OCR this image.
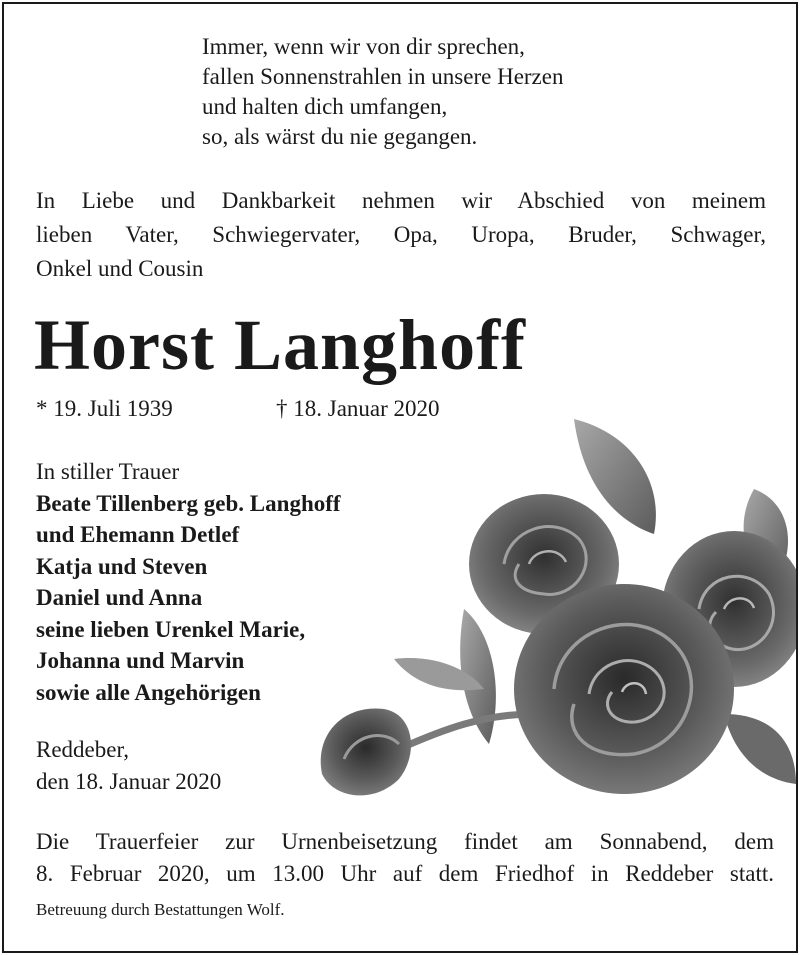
Immer, wenn wir von dir sprechen,
fallen Sonnenstrahlen in unsere Herzen
und halten dich umfangen,
so, als wärst du nie gegangen.
In Liebe und Dankbarkeit nehmen wir Abschied von meinem
lieben Vater, Schwiegervater, Opa, Uropa, Bruder, Schwager,
Onkel und Cousin
Horst Langhoff
* 19. Juli 1939	† 18. Januar 2020
In stiller Trauer
Beate Tillenberg geb. Langhoff
und Ehemann Detlef
Katja und Steven
Daniel und Anna
seine lieben Urenkel Marie,
Johanna und Marvin
sowie alle Angehörigen
Reddeber,
den 18. Januar 2020
Die Trauerfeier zur Urnenbeisetzung findet am Sonnabend, dem
8. Februar 2020, um 13.00 Uhr auf dem Friedhof in Reddeber statt.
Betreuung durch Bestattungen Wolf.
